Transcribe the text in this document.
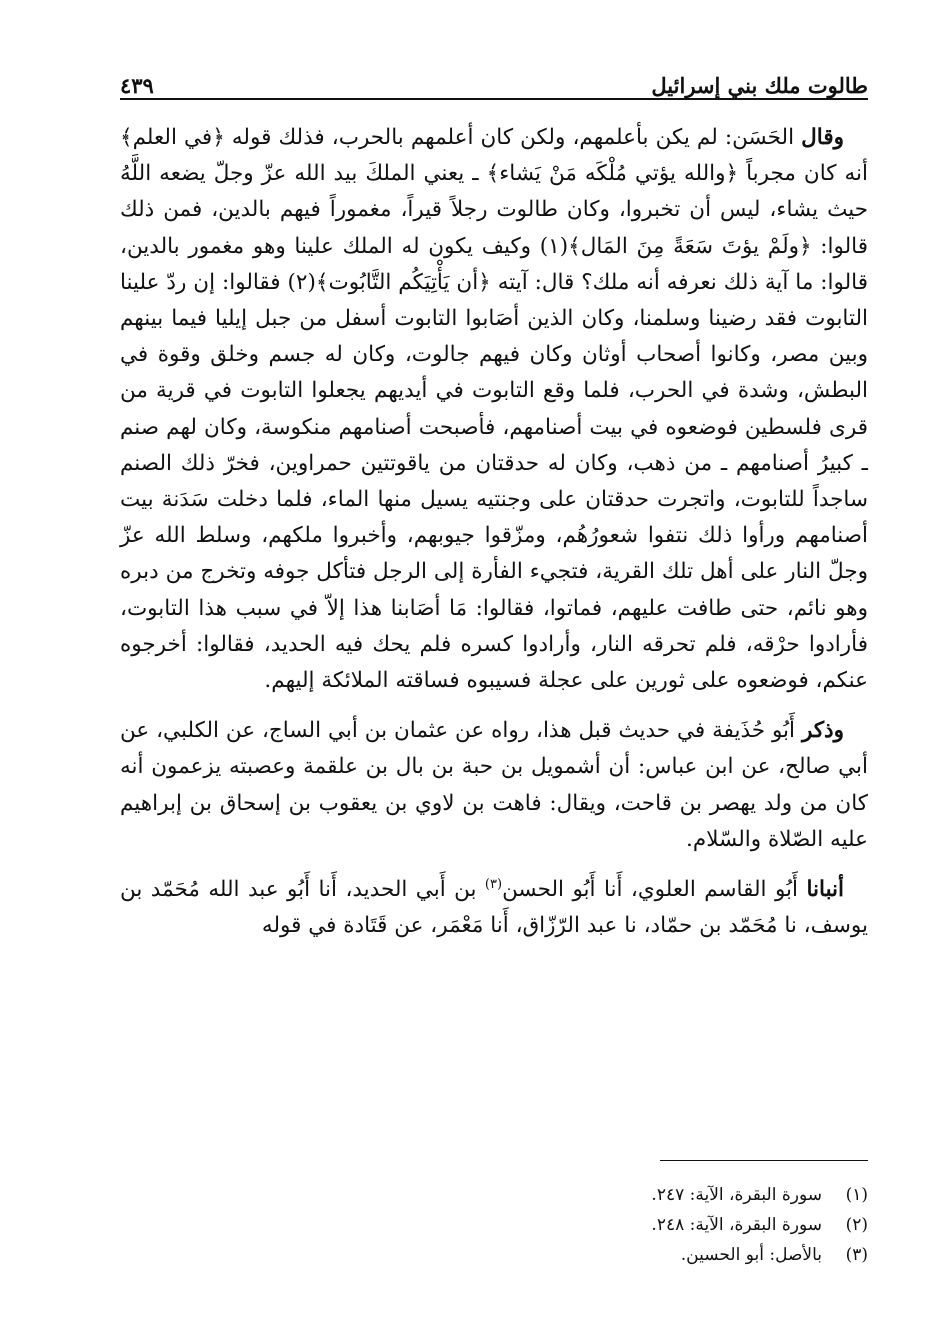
طالوت ملك بني إسرائيل
٤٣٩

وقال الحَسَن: لم يكن بأعلمهم، ولكن كان أعلمهم بالحرب، فذلك قوله ﴿في العلم﴾ أنه كان مجرباً ﴿والله يؤتي مُلْكَه مَنْ يَشاء﴾ ـ يعني الملكَ بيد الله عزّ وجلّ يضعه اللَّهُ حيث يشاء، ليس أن تخبروا، وكان طالوت رجلاً قيراً، مغموراً فيهم بالدين، فمن ذلك قالوا: ﴿ولَمْ يؤتَ سَعَةً مِنَ المَال﴾(١) وكيف يكون له الملك علينا وهو مغمور بالدين، قالوا: ما آية ذلك نعرفه أنه ملك؟ قال: آيته ﴿أن يَأْتِيَكُم التَّابُوت﴾(٢) فقالوا: إن ردّ علينا التابوت فقد رضينا وسلمنا، وكان الذين أصَابوا التابوت أسفل من جبل إيليا فيما بينهم وبين مصر، وكانوا أصحاب أوثان وكان فيهم جالوت، وكان له جسم وخلق وقوة في البطش، وشدة في الحرب، فلما وقع التابوت في أيديهم يجعلوا التابوت في قرية من قرى فلسطين فوضعوه في بيت أصنامهم، فأصبحت أصنامهم منكوسة، وكان لهم صنم ـ كبيرُ أصنامهم ـ من ذهب، وكان له حدقتان من ياقوتتين حمراوين، فخرّ ذلك الصنم ساجداً للتابوت، واتجرت حدقتان على وجنتيه يسيل منها الماء، فلما دخلت سَدَنة بيت أصنامهم ورأوا ذلك نتفوا شعورُهُم، ومزّقوا جيوبهم، وأخبروا ملكهم، وسلط الله عزّ وجلّ النار على أهل تلك القرية، فتجيء الفأرة إلى الرجل فتأكل جوفه وتخرج من دبره وهو نائم، حتى طافت عليهم، فماتوا، فقالوا: مَا أصَابنا هذا إلاّ في سبب هذا التابوت، فأرادوا حرْقه، فلم تحرقه النار، وأرادوا كسره فلم يحك فيه الحديد، فقالوا: أخرجوه عنكم، فوضعوه على ثورين على عجلة فسيبوه فساقته الملائكة إليهم.

وذكر أَبُو حُذَيفة في حديث قبل هذا، رواه عن عثمان بن أبي الساج، عن الكلبي، عن أبي صالح، عن ابن عباس: أن أشمويل بن حبة بن بال بن علقمة وعصبته يزعمون أنه كان من ولد يهصر بن قاحت، ويقال: فاهت بن لاوي بن يعقوب بن إسحاق بن إبراهيم عليه الصّلاة والسّلام.

أنبانا أَبُو القاسم العلوي، أَنا أَبُو الحسن$^{(٣)}$ بن أَبي الحديد، أَنا أَبُو عبد الله مُحَمّد بن يوسف، نا مُحَمّد بن حمّاد، نا عبد الرّزّاق، أَنا مَعْمَر، عن قَتَادة في قوله

(١)
سورة البقرة، الآية: ٢٤٧.
(٢)
سورة البقرة، الآية: ٢٤٨.
(٣)
بالأصل: أبو الحسين.
